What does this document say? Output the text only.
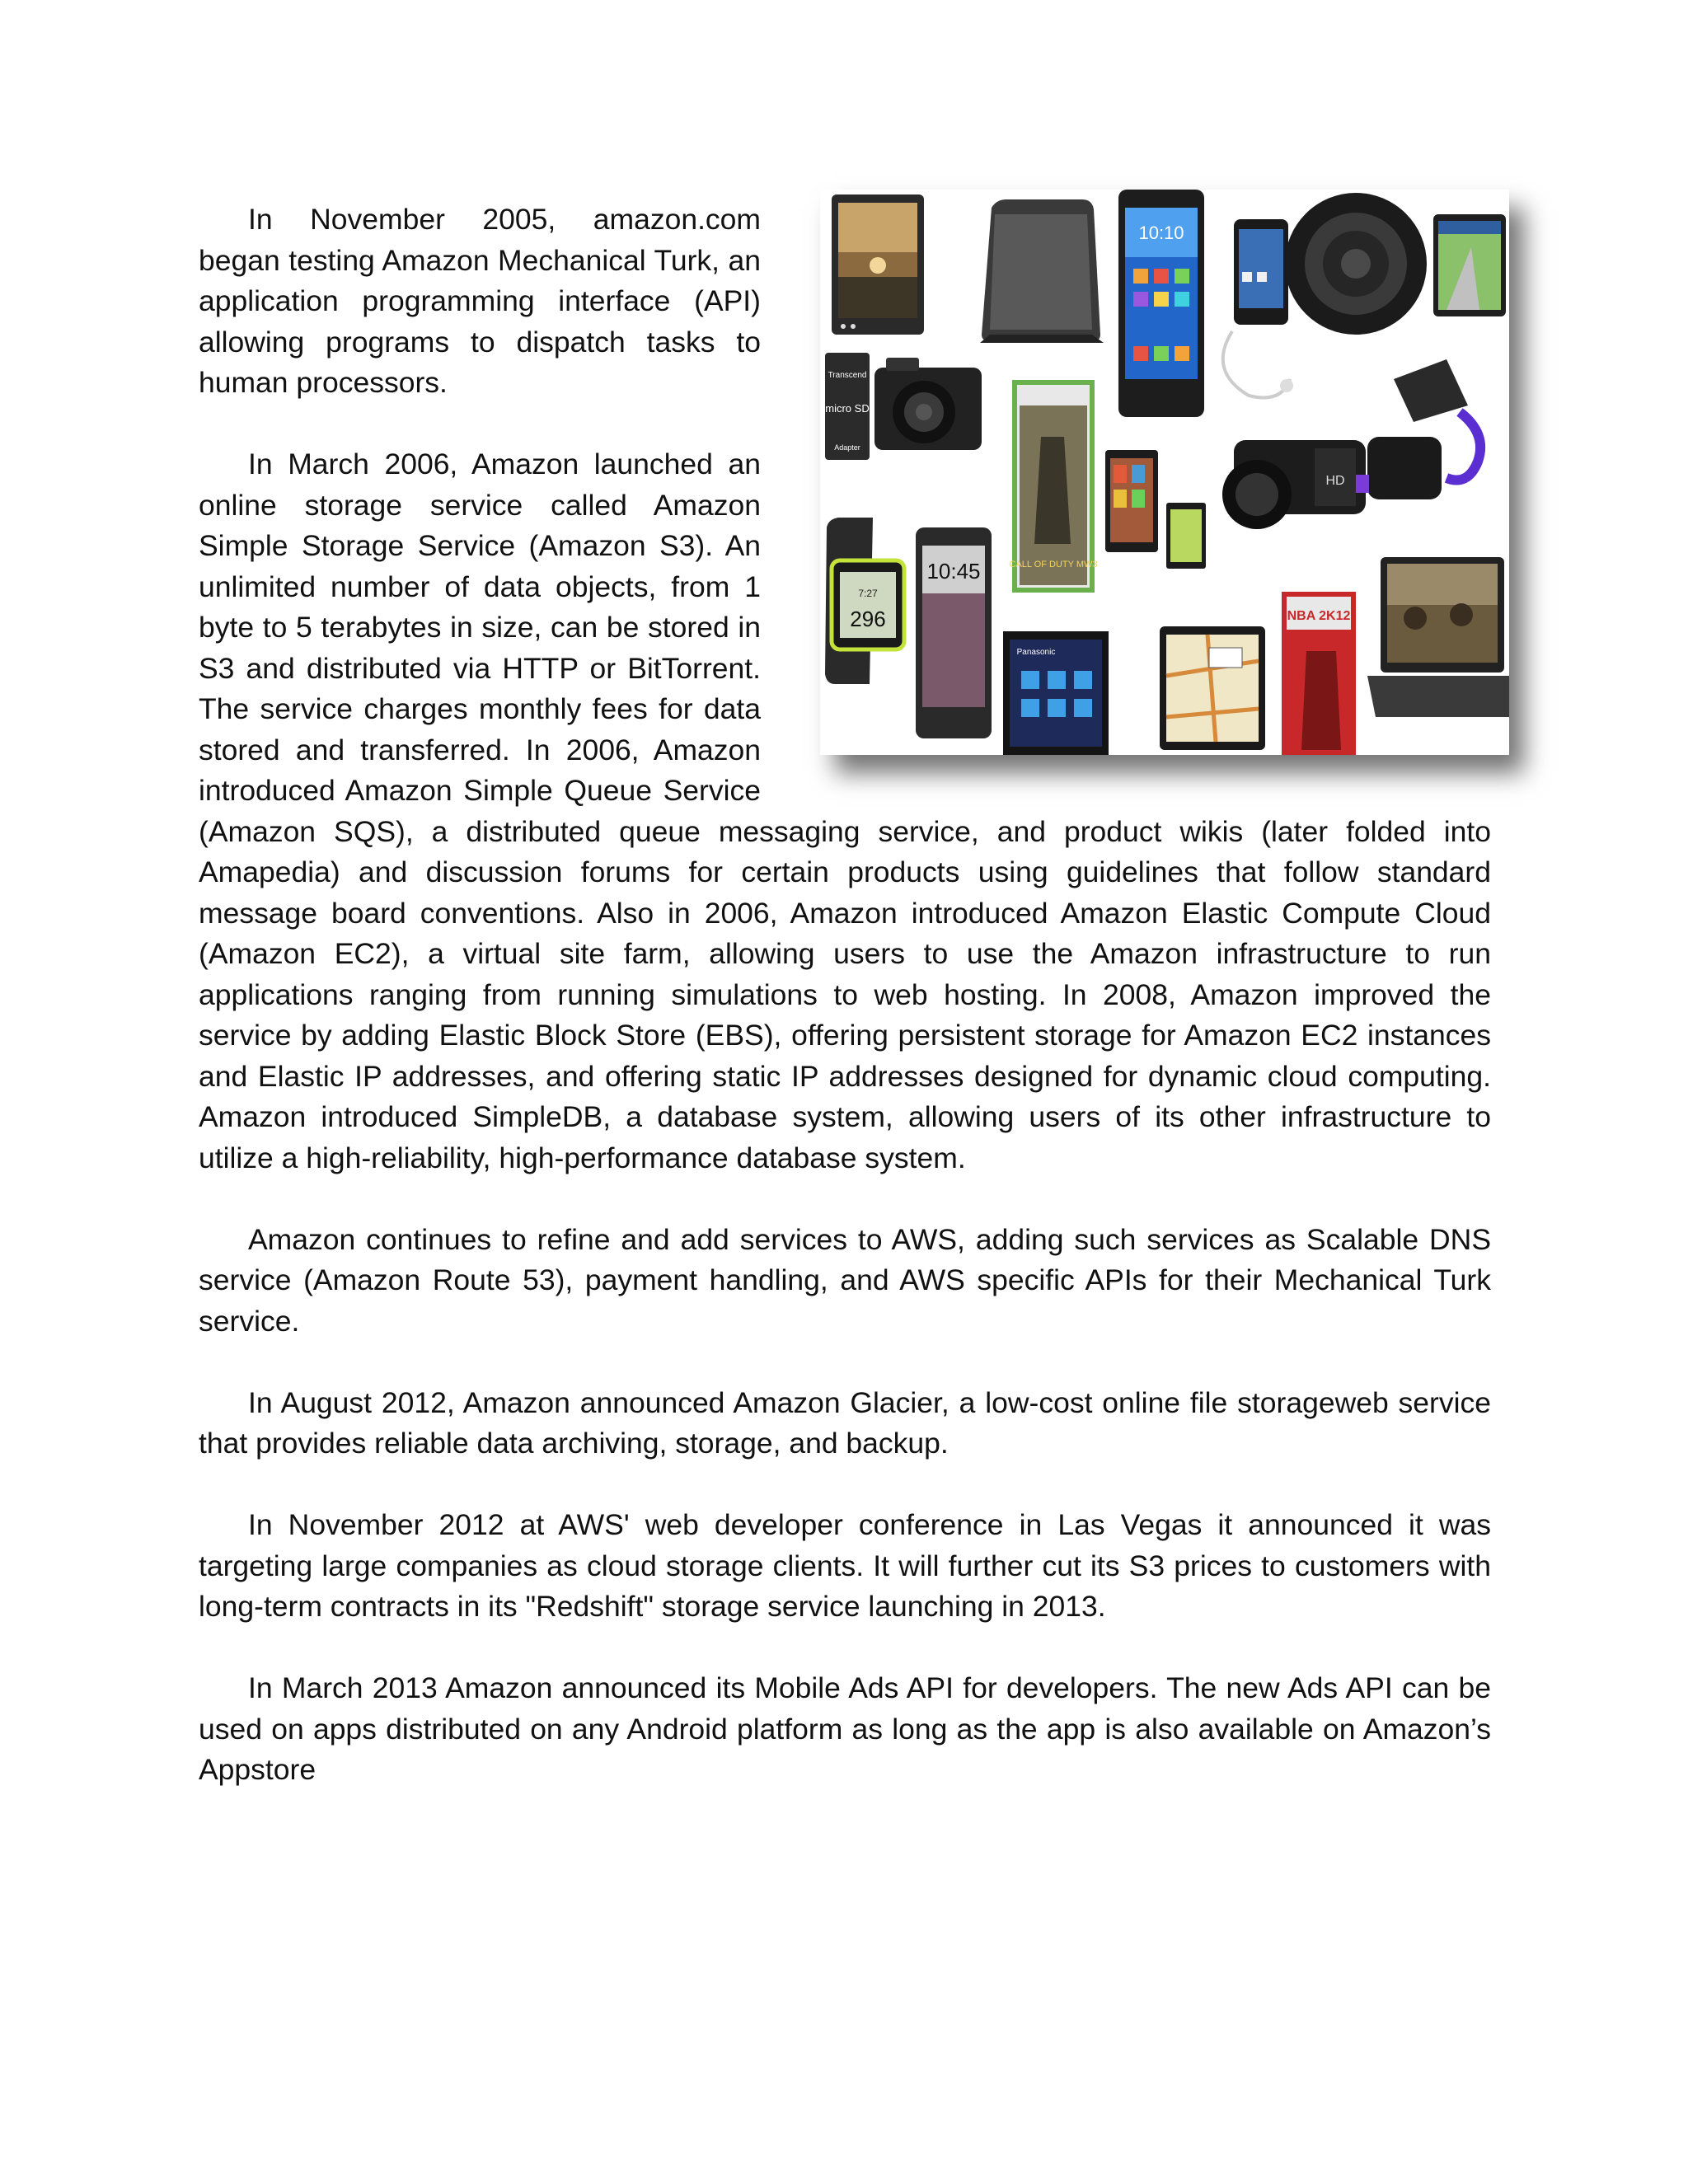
10:10
Transcend
micro SD
Adapter
CALL OF DUTY MW3
HD
7:27
296
10:45
Panasonic
NBA 2K12

In November 2005, amazon.com began testing Amazon Mechanical Turk, an application programming interface (API) allowing programs to dispatch tasks to human processors.

In March 2006, Amazon launched an online storage service called Amazon Simple Storage Service (Amazon S3). An unlimited number of data objects, from 1 byte to 5 terabytes in size, can be stored in S3 and distributed via HTTP or BitTorrent. The service charges monthly fees for data stored and transferred. In 2006, Amazon introduced Amazon Simple Queue Service (Amazon SQS), a distributed queue messaging service, and product wikis (later folded into Amapedia) and discussion forums for certain products using guidelines that follow standard message board conventions. Also in 2006, Amazon introduced Amazon Elastic Compute Cloud (Amazon EC2), a virtual site farm, allowing users to use the Amazon infrastructure to run applications ranging from running simulations to web hosting. In 2008, Amazon improved the service by adding Elastic Block Store (EBS), offering persistent storage for Amazon EC2 instances and Elastic IP addresses, and offering static IP addresses designed for dynamic cloud computing. Amazon introduced SimpleDB, a database system, allowing users of its other infrastructure to utilize a high-reliability, high-performance database system.

Amazon continues to refine and add services to AWS, adding such services as Scalable DNS service (Amazon Route 53), payment handling, and AWS specific APIs for their Mechanical Turk service.

In August 2012, Amazon announced Amazon Glacier, a low-cost online file storageweb service that provides reliable data archiving, storage, and backup.

In November 2012 at AWS' web developer conference in Las Vegas it announced it was targeting large companies as cloud storage clients. It will further cut its S3 prices to customers with long-term contracts in its "Redshift" storage service launching in 2013.

In March 2013 Amazon announced its Mobile Ads API for developers. The new Ads API can be used on apps distributed on any Android platform as long as the app is also available on Amazon’s Appstore
